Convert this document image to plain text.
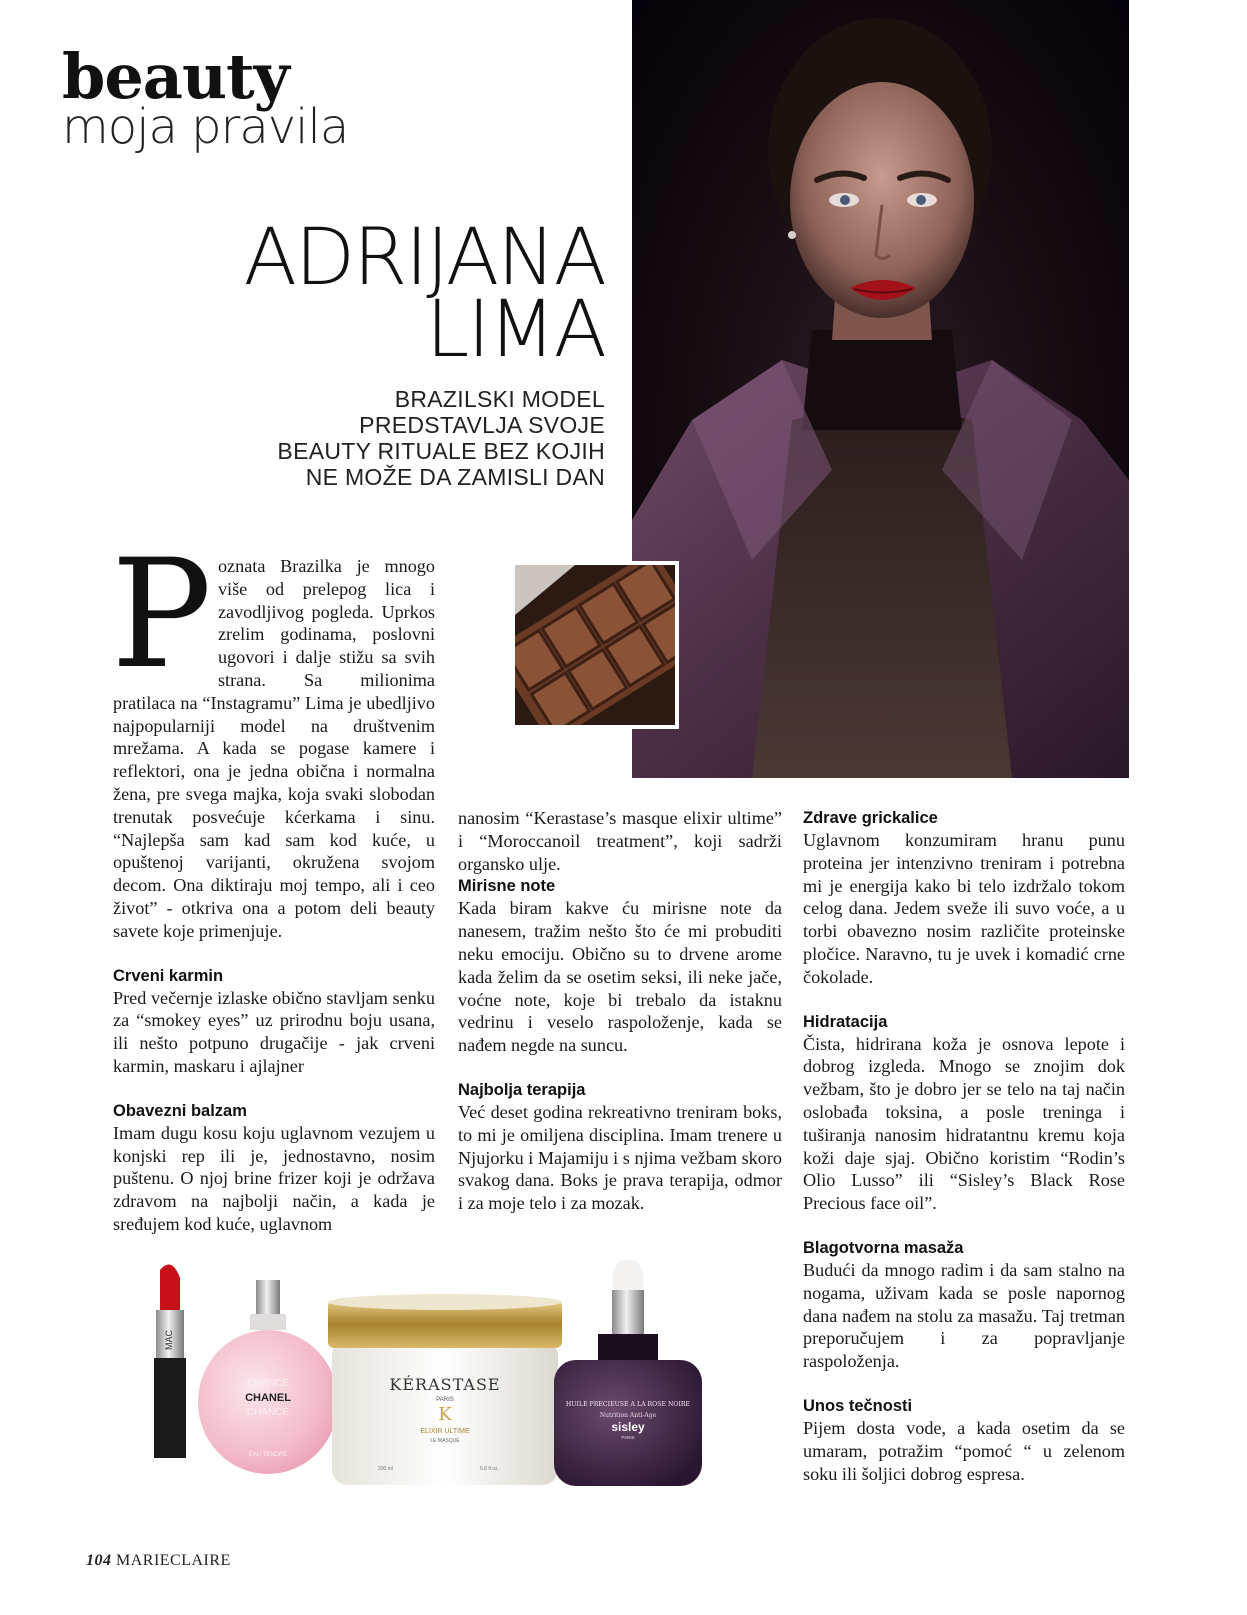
beauty
moja pravila
ADRIJANA
LIMA
BRAZILSKI MODEL
PREDSTAVLJA SVOJE
BEAUTY RITUALE BEZ KOJIH
NE MOŽE DA ZAMISLI DAN

Poznata Brazilka je mnogo više od prelepog lica i zavodljivog pogleda. Uprkos zrelim godinama, poslovni ugovori i dalje stižu sa svih strana. Sa milionima pratilaca na “Instagramu” Lima je ubedljivo najpopularniji model na društvenim mrežama. A kada se pogase kamere i reflektori, ona je jedna obična i normalna žena, pre svega majka, koja svaki slobodan trenutak posvećuje kćerkama i sinu. “Najlepša sam kad sam kod kuće, u opuštenoj varijanti, okružena svojom decom. Ona diktiraju moj tempo, ali i ceo život” - otkriva ona a potom deli beauty savete koje primenjuje.

Crveni karmin

Pred večernje izlaske obično stavljam senku za “smokey eyes” uz prirodnu boju usana, ili nešto potpuno drugačije - jak crveni karmin, maskaru i ajlajner

Obavezni balzam

Imam dugu kosu koju uglavnom vezujem u konjski rep ili je, jednostavno, nosim puštenu. O njoj brine frizer koji je održava zdravom na najbolji način, a kada je sređujem kod kuće, uglavnom

nanosim “Kerastase’s masque elixir ultime” i “Moroccanoil treatment”, koji sadrži organsko ulje.

Mirisne note

Kada biram kakve ću mirisne note da nanesem, tražim nešto što će mi probuditi neku emociju. Obično su to drvene arome kada želim da se osetim seksi, ili neke jače, voćne note, koje bi trebalo da istaknu vedrinu i veselo raspoloženje, kada se nađem negde na suncu.

Najbolja terapija

Već deset godina rekreativno treniram boks, to mi je omiljena disciplina. Imam trenere u Njujorku i Majamiju i s njima vežbam skoro svakog dana. Boks je prava terapija, odmor i za moje telo i za mozak.

Zdrave grickalice

Uglavnom konzumiram hranu punu proteina jer intenzivno treniram i potrebna mi je energija kako bi telo izdržalo tokom celog dana. Jedem sveže ili suvo voće, a u torbi obavezno nosim različite proteinske pločice. Naravno, tu je uvek i komadić crne čokolade.

Hidratacija

Čista, hidrirana koža je osnova lepote i dobrog izgleda. Mnogo se znojim dok vežbam, što je dobro jer se telo na taj način oslobađa toksina, a posle treninga i tuširanja nanosim hidratantnu kremu koja koži daje sjaj. Obično koristim “Rodin’s Olio Lusso” ili “Sisley’s Black Rose Precious face oil”.

Blagotvorna masaža

Budući da mnogo radim i da sam stalno na nogama, uživam kada se posle napornog dana nađem na stolu za masažu. Taj tretman preporučujem i za popravljanje raspoloženja.

Unos tečnosti

Pijem dosta vode, a kada osetim da se umaram, potražim “pomoć “ u zelenom soku ili šoljici dobrog espresa.

MAC
CHANCE
CHANEL
CHANCE
EAU TENDRE
KÉRASTASE
PARIS
K
ELIXIR ULTIME
LE MASQUE
200 ml	6.8 fl.oz.
HUILE PRECIEUSE A LA ROSE NOIRE
Nutrition Anti-Age
sisley
PARIS
104 MARIECLAIRE
